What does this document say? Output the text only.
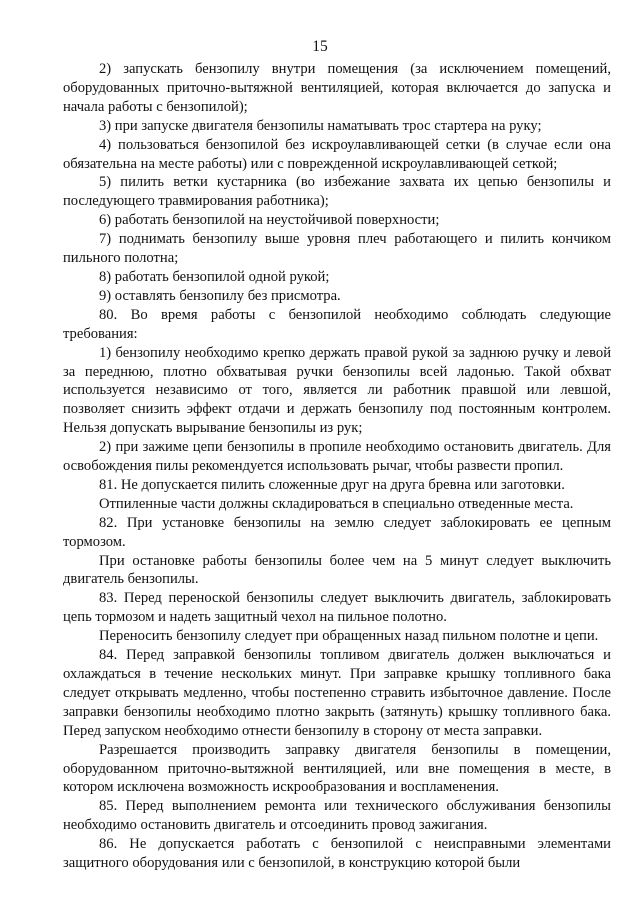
15

2) запускать бензопилу внутри помещения (за исключением помещений, оборудованных приточно-вытяжной вентиляцией, которая включается до запуска и начала работы с бензопилой);

3) при запуске двигателя бензопилы наматывать трос стартера на руку;

4) пользоваться бензопилой без искроулавливающей сетки (в случае если она обязательна на месте работы) или с поврежденной искроулавливающей сеткой;

5) пилить ветки кустарника (во избежание захвата их цепью бензопилы и последующего травмирования работника);

6) работать бензопилой на неустойчивой поверхности;

7) поднимать бензопилу выше уровня плеч работающего и пилить кончиком пильного полотна;

8) работать бензопилой одной рукой;

9) оставлять бензопилу без присмотра.

80. Во время работы с бензопилой необходимо соблюдать следующие требования:

1) бензопилу необходимо крепко держать правой рукой за заднюю ручку и левой за переднюю, плотно обхватывая ручки бензопилы всей ладонью. Такой обхват используется независимо от того, является ли работник правшой или левшой, позволяет снизить эффект отдачи и держать бензопилу под постоянным контролем. Нельзя допускать вырывание бензопилы из рук;

2) при зажиме цепи бензопилы в пропиле необходимо остановить двигатель. Для освобождения пилы рекомендуется использовать рычаг, чтобы развести пропил.

81. Не допускается пилить сложенные друг на друга бревна или заготовки.

Отпиленные части должны складироваться в специально отведенные места.

82. При установке бензопилы на землю следует заблокировать ее цепным тормозом.

При остановке работы бензопилы более чем на 5 минут следует выключить двигатель бензопилы.

83. Перед переноской бензопилы следует выключить двигатель, заблокировать цепь тормозом и надеть защитный чехол на пильное полотно.

Переносить бензопилу следует при обращенных назад пильном полотне и цепи.

84. Перед заправкой бензопилы топливом двигатель должен выключаться и охлаждаться в течение нескольких минут. При заправке крышку топливного бака следует открывать медленно, чтобы постепенно стравить избыточное давление. После заправки бензопилы необходимо плотно закрыть (затянуть) крышку топливного бака. Перед запуском необходимо отнести бензопилу в сторону от места заправки.

Разрешается производить заправку двигателя бензопилы в помещении, оборудованном приточно-вытяжной вентиляцией, или вне помещения в месте, в котором исключена возможность искрообразования и воспламенения.

85. Перед выполнением ремонта или технического обслуживания бензопилы необходимо остановить двигатель и отсоединить провод зажигания.

86. Не допускается работать с бензопилой с неисправными элементами защитного оборудования или с бензопилой, в конструкцию которой были
